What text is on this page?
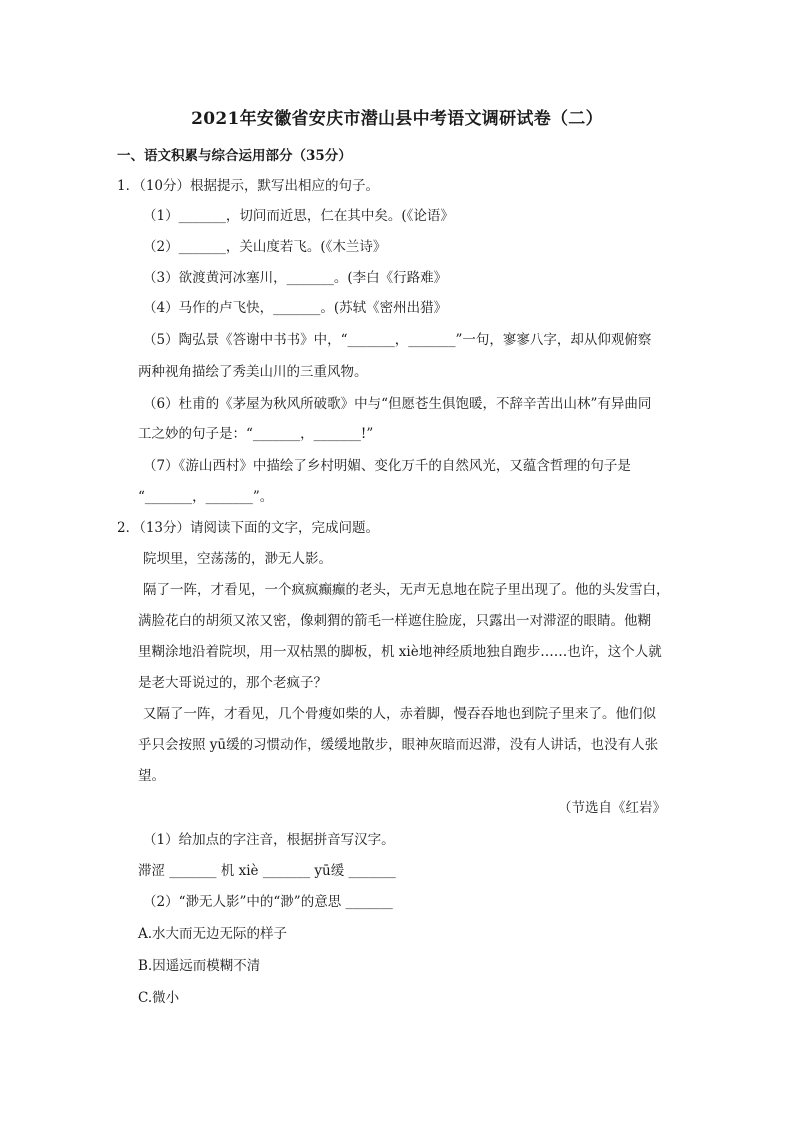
2021年安徽省安庆市潜山县中考语文调研试卷（二）
一、语文积累与综合运用部分（35分）
1．（10分）根据提示，默写出相应的句子。
（1）_______，切问而近思，仁在其中矣。(《论语》
（2）_______，关山度若飞。(《木兰诗》
（3）欲渡黄河冰塞川，_______。(李白《行路难》
（4）马作的卢飞快，_______。(苏轼《密州出猎》
（5）陶弘景《答谢中书书》中，“_______，_______”一句，寥寥八字，却从仰观俯察
两种视角描绘了秀美山川的三重风物。
（6）杜甫的《茅屋为秋风所破歌》中与“但愿苍生俱饱暖，不辞辛苦出山林”有异曲同
工之妙的句子是：“_______，_______!”
（7）《游山西村》中描绘了乡村明媚、变化万千的自然风光，又蕴含哲理的句子是
“_______，_______”。
2．（13分）请阅读下面的文字，完成问题。
院坝里，空荡荡的，渺无人影。
隔了一阵，才看见，一个疯疯癫癫的老头，无声无息地在院子里出现了。他的头发雪白，
满脸花白的胡须又浓又密，像刺猬的箭毛一样遮住脸庞，只露出一对滞涩的眼睛。他糊
里糊涂地沿着院坝，用一双枯黑的脚板，机 xiè地神经质地独自跑步……也许，这个人就
是老大哥说过的，那个老疯子？
又隔了一阵，才看见，几个骨瘦如柴的人，赤着脚，慢吞吞地也到院子里来了。他们似
乎只会按照 yū缓的习惯动作，缓缓地散步，眼神灰暗而迟滞，没有人讲话，也没有人张
望。
（节选自《红岩》
（1）给加点的字注音，根据拼音写汉字。
滞涩 _______ 机 xiè _______ yū缓 _______
（2）“渺无人影”中的“渺”的意思 _______
A.水大而无边无际的样子
B.因遥远而模糊不清
C.微小
